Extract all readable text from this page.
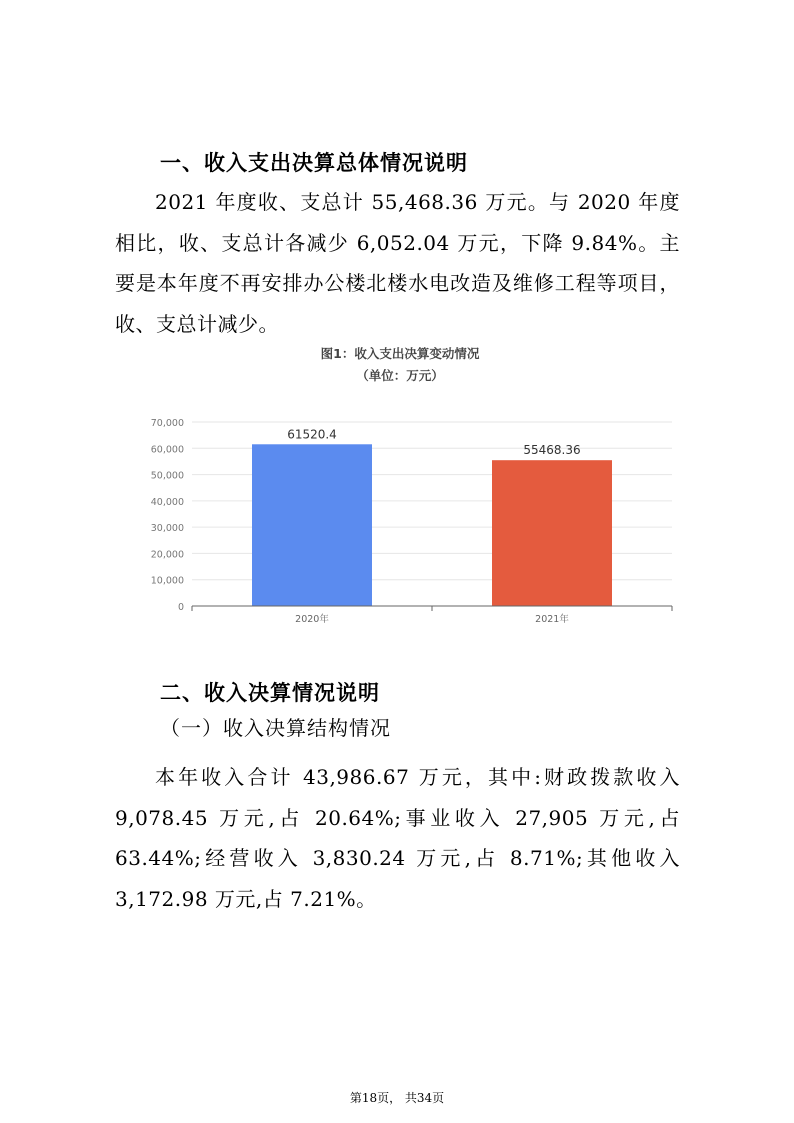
一、收入支出决算总体情况说明

2021 年度收、支总计 55,468.36 万元。与 2020 年度相比，收、支总计各减少 6,052.04 万元，下降 9.84%。主要是本年度不再安排办公楼北楼水电改造及维修工程等项目，收、支总计减少。

图1：收入支出决算变动情况
（单位：万元）
0
10,000
20,000
30,000
40,000
50,000
60,000
70,000
61520.4
55468.36
2020年	2021年
二、收入决算情况说明
（一）收入决算结构情况

本年收入合计 43,986.67 万元，其中:财政拨款收入 9,078.45 万元,占 20.64%;事业收入 27,905 万元,占 63.44%;经营收入 3,830.24 万元,占 8.71%;其他收入 3,172.98 万元,占 7.21%。

第18页， 共34页
